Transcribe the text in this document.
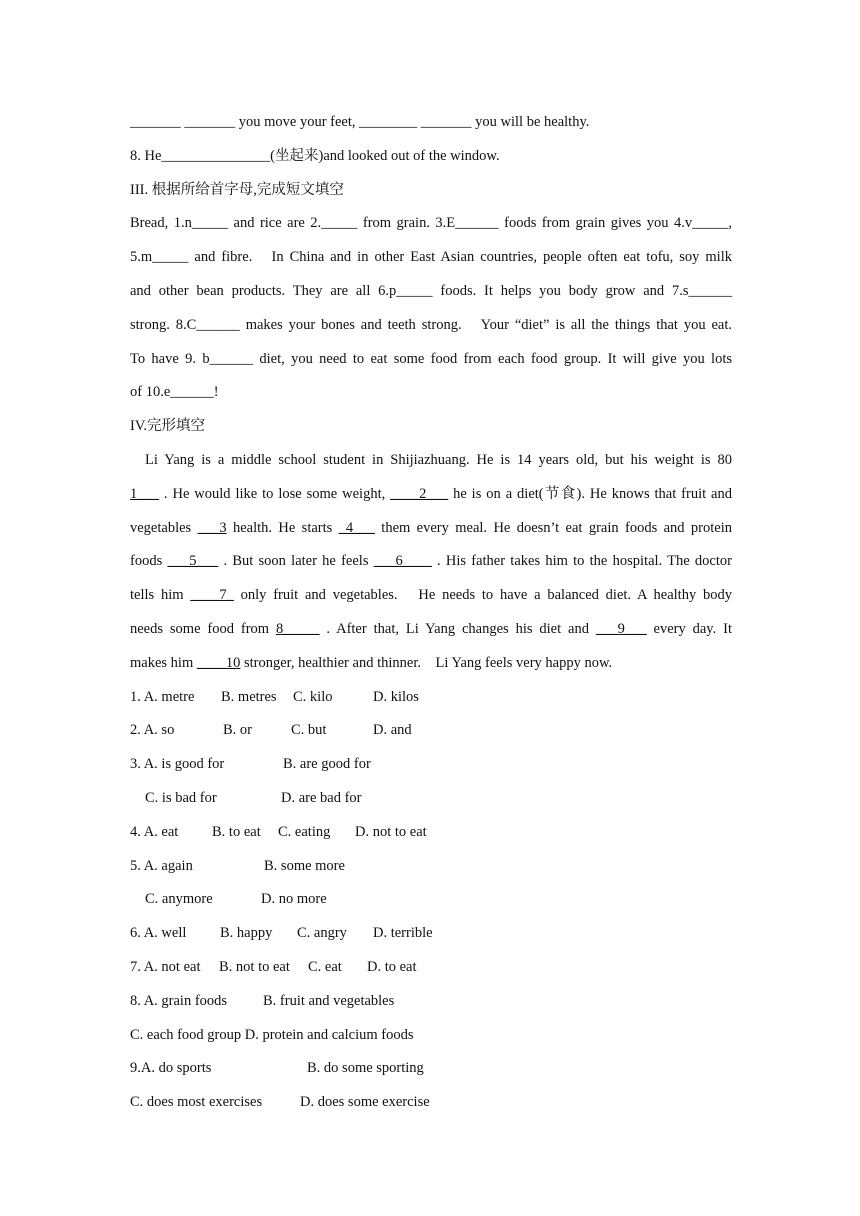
_______ _______ you move your feet, ________ _______ you will be healthy.
8. He_______________(坐起来)and looked out of the window.
III. 根据所给首字母,完成短文填空
Bread, 1.n_____ and rice are 2._____ from grain. 3.E______ foods from grain gives you 4.v_____,
5.m_____ and fibre.　In China and in other East Asian countries, people often eat tofu, soy milk
and other bean products. They are all 6.p_____ foods. It helps you body grow and 7.s______
strong. 8.C______ makes your bones and teeth strong.　Your “diet” is all the things that you eat.
To have 9. b______ diet, you need to eat some food from each food group. It will give you lots
of 10.e______!
IV.完形填空
Li Yang is a middle school student in Shijiazhuang. He is 14 years old, but his weight is 80
1___ . He would like to lose some weight, ____2___ he is on a diet(节食). He knows that fruit and
vegetables ___3 health. He starts _4___ them every meal. He doesn’t eat grain foods and protein
foods ___5___ . But soon later he feels ___6____ . His father takes him to the hospital. The doctor
tells him ____7_ only fruit and vegetables.　He needs to have a balanced diet. A healthy body
needs some food from 8_____ . After that, Li Yang changes his diet and ___9___ every day. It
makes him ____10 stronger, healthier and thinner.　Li Yang feels very happy now.
1. A. metre B. metres C. kilo	D. kilos
2. A. so	B. or	C. but	D. and
3. A. is good for	B. are good for
C. is bad for	D. are bad for
4. A. eat B. to eat C. eating D. not to eat
5. A. again	B. some more
C. anymore	D. no more
6. A. well B. happy C. angry D. terrible
7. A. not eat B. not to eat C. eat D. to eat
8. A. grain foods B. fruit and vegetables
C. each food group D. protein and calcium foods
9.A. do sports	B. do some sporting
C. does most exercises	D. does some exercise
